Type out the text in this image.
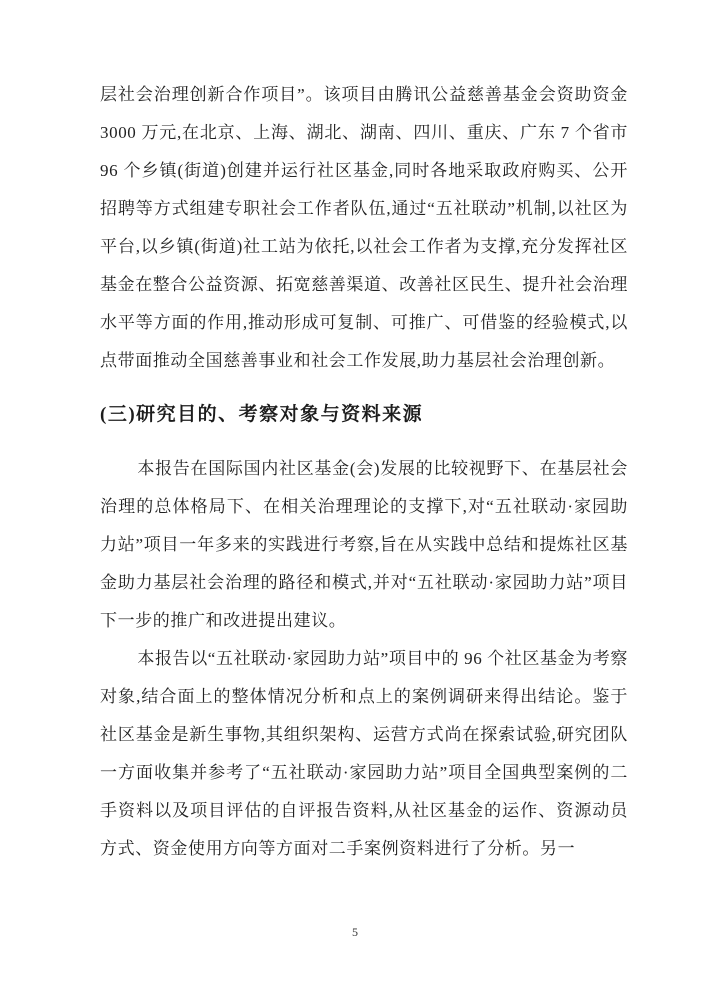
层社会治理创新合作项目”。该项目由腾讯公益慈善基金会资助资金 3000 万元,在北京、上海、湖北、湖南、四川、重庆、广东 7 个省市 96 个乡镇(街道)创建并运行社区基金,同时各地采取政府购买、公开招聘等方式组建专职社会工作者队伍,通过“五社联动”机制,以社区为平台,以乡镇(街道)社工站为依托,以社会工作者为支撑,充分发挥社区基金在整合公益资源、拓宽慈善渠道、改善社区民生、提升社会治理水平等方面的作用,推动形成可复制、可推广、可借鉴的经验模式,以点带面推动全国慈善事业和社会工作发展,助力基层社会治理创新。

(三)研究目的、考察对象与资料来源

本报告在国际国内社区基金(会)发展的比较视野下、在基层社会治理的总体格局下、在相关治理理论的支撑下,对“五社联动·家园助力站”项目一年多来的实践进行考察,旨在从实践中总结和提炼社区基金助力基层社会治理的路径和模式,并对“五社联动·家园助力站”项目下一步的推广和改进提出建议。

本报告以“五社联动·家园助力站”项目中的 96 个社区基金为考察对象,结合面上的整体情况分析和点上的案例调研来得出结论。鉴于社区基金是新生事物,其组织架构、运营方式尚在探索试验,研究团队一方面收集并参考了“五社联动·家园助力站”项目全国典型案例的二手资料以及项目评估的自评报告资料,从社区基金的运作、资源动员方式、资金使用方向等方面对二手案例资料进行了分析。另一

5
